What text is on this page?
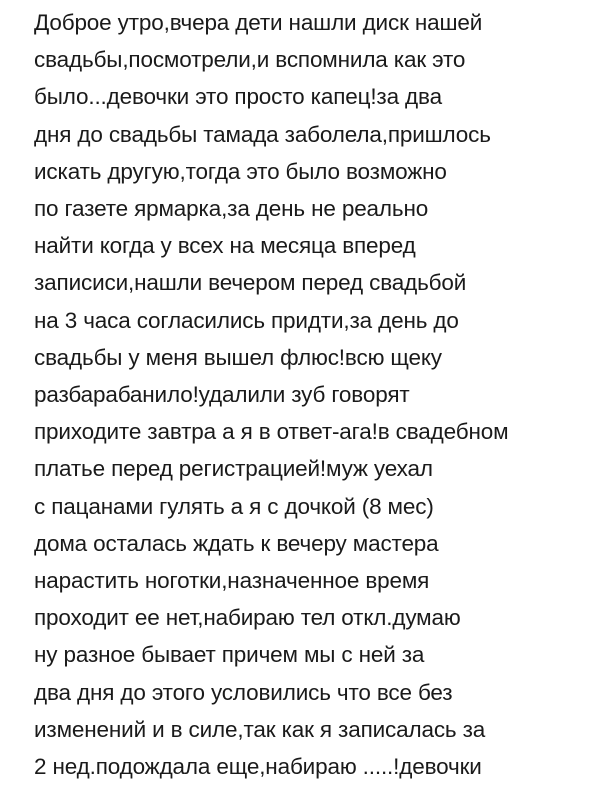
Доброе утро,вчера дети нашли диск нашей
свадьбы,посмотрели,и вспомнила как это
было...девочки это просто капец!за два
дня до свадьбы тамада заболела,пришлось
искать другую,тогда это было возможно
по газете ярмарка,за день не реально
найти когда у всех на месяца вперед
записиси,нашли вечером перед свадьбой
на 3 часа согласились придти,за день до
свадьбы у меня вышел флюс!всю щеку
разбарабанило!удалили зуб говорят
приходите завтра а я в ответ-ага!в свадебном
платье перед регистрацией!муж уехал
с пацанами гулять а я с дочкой (8 мес)
дома осталась ждать к вечеру мастера
нарастить ноготки,назначенное время
проходит ее нет,набираю тел откл.думаю
ну разное бывает причем мы с ней за
два дня до этого условились что все без
изменений и в силе,так как я записалась за
2 нед.подождала еще,набираю .....!девочки
